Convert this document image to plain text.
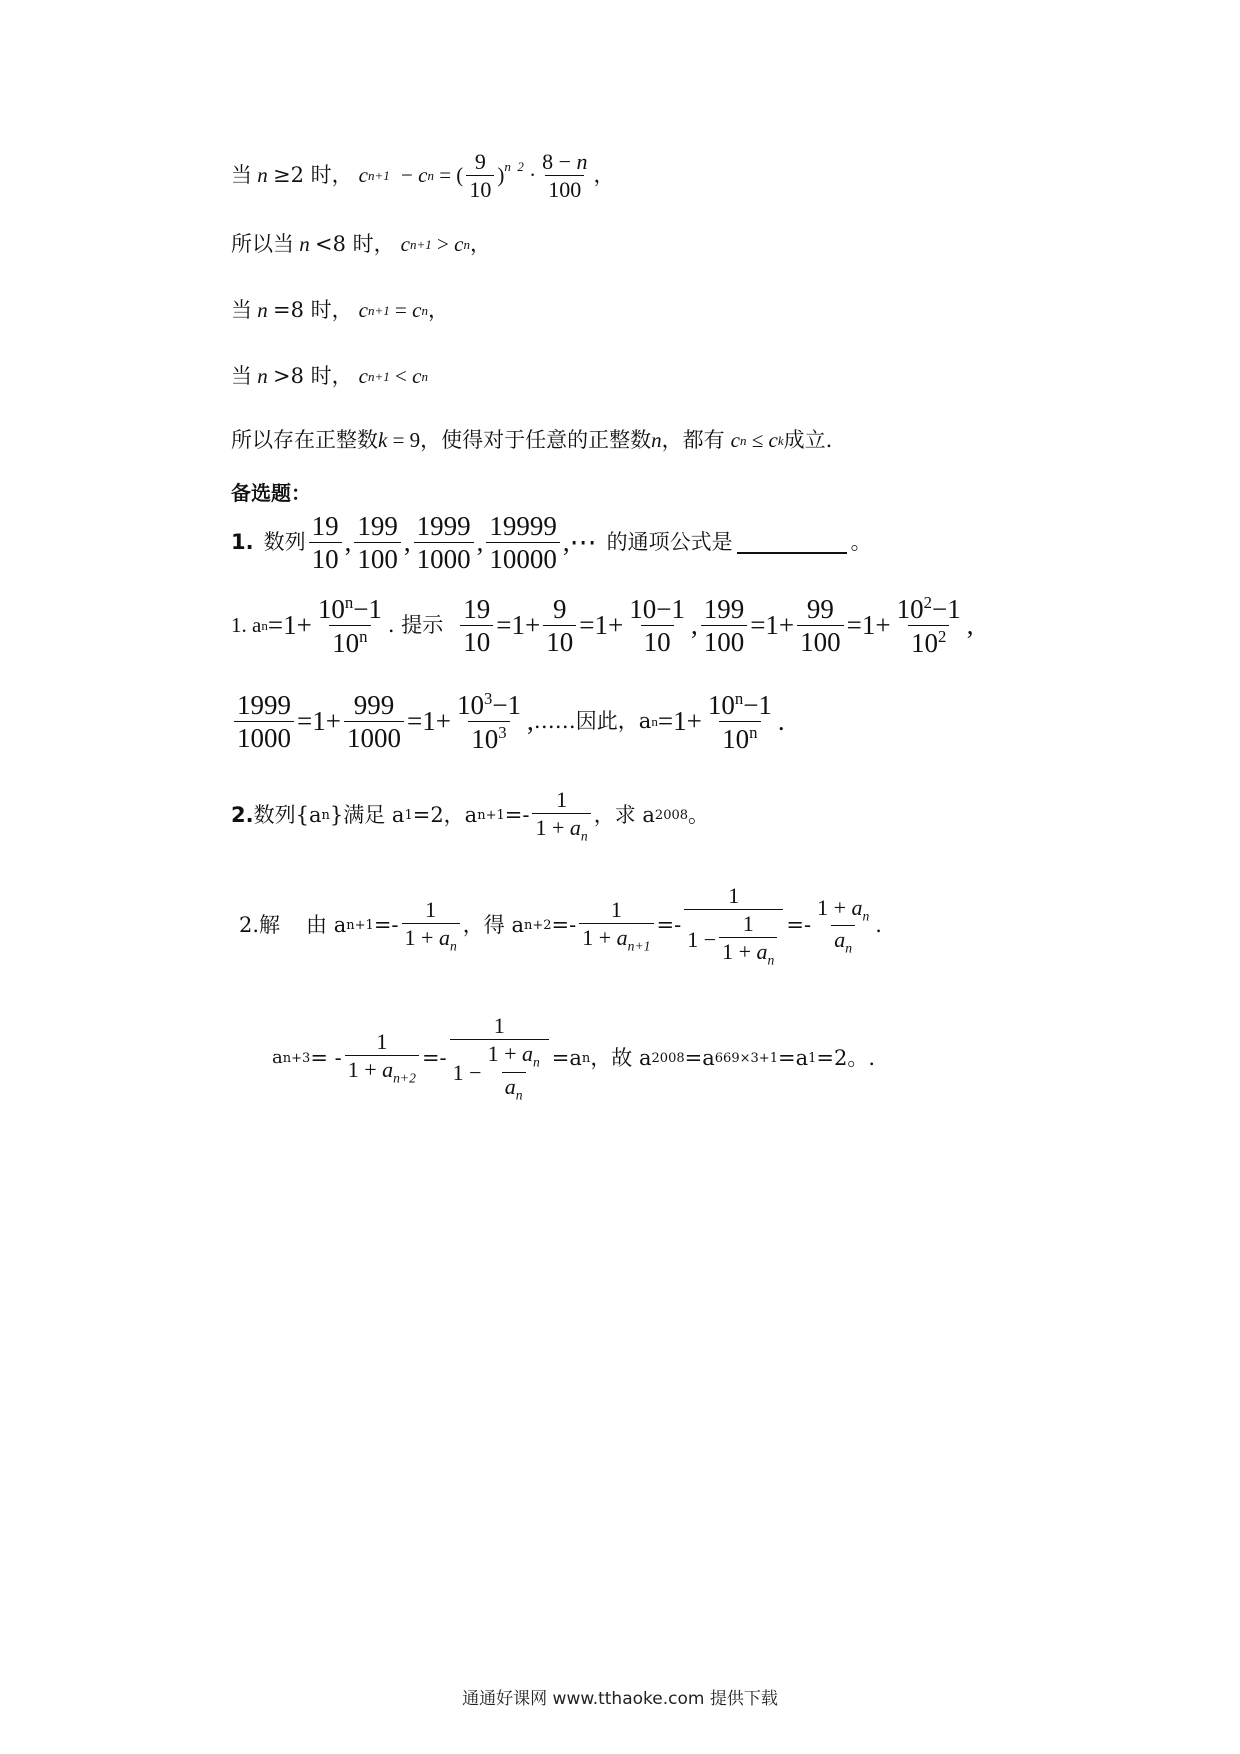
当 n ≥2 时， c n+1 − c n = ( $\frac{9}{10} )^{n 2} \cdot \frac{8 - n}{100}$ ，
所以当 n <8 时， c n+1 > c n ，
当 n =8 时， c n+1 = c n ，
当 n >8 时， c n+1 < c n
所以存在正整数 k = 9 ，使得对于任意的正整数 n ，都有 c n ≤ c k 成立.
备选题：
1. 数列 $\frac{19}{10}$ , $\frac{199}{100}$ , $\frac{1999}{1000}$ , $\frac{19999}{10000}$ ,⋯ 的通项公式是	。
1. a $n =1+ \frac{10^n-1}{10^n}$ . 提示 $\frac{19}{10} =1+ \frac{9}{10} =1+ \frac{10-1}{10}$ , $\frac{199}{100} =1+ \frac{99}{100} =1+ \frac{10^2-1}{10^2}$ ,
$\frac{1999}{1000} =1+ \frac{999}{1000} =1+ \frac{10^3-1}{10^3}$ , ……因此，a $n =1+ \frac{10^n-1}{10^n}$ .
2. 数列{a n }满足 a 1 =2，a $n+1 =- \frac{1}{1 + a_n}$ ，求 a 2008 。
2.解 由 a $n+1 =- \frac{1}{1 + a_n}$ ，得 a $n+2 =- \frac{1}{1 + a_{n+1}} =- \frac{1}{1 - \frac{1}{1 + a_n}} =- \frac{1 + a_n}{a_n}$ .
a n+3 = - $\frac{1}{1 + a_{n+2}} =- \frac{1}{1 - \frac{1 + a_n}{a_n}} =a$ n ，故 a 2008 =a 669×3+1 =a 1 =2。.
通通好课网 www.tthaoke.com 提供下载
